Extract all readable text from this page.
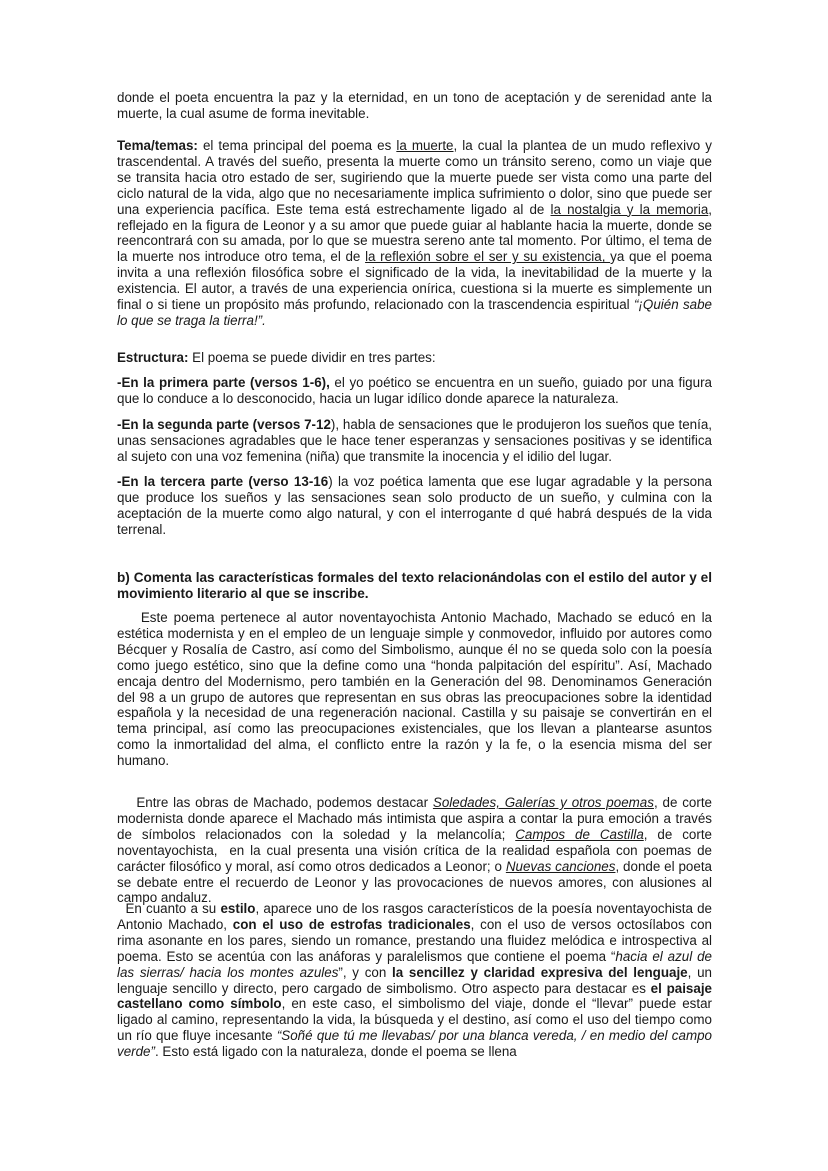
donde el poeta encuentra la paz y la eternidad, en un tono de aceptación y de serenidad ante la muerte, la cual asume de forma inevitable.

Tema/temas: el tema principal del poema es la muerte, la cual la plantea de un mudo reflexivo y trascendental. A través del sueño, presenta la muerte como un tránsito sereno, como un viaje que se transita hacia otro estado de ser, sugiriendo que la muerte puede ser vista como una parte del ciclo natural de la vida, algo que no necesariamente implica sufrimiento o dolor, sino que puede ser una experiencia pacífica. Este tema está estrechamente ligado al de la nostalgia y la memoria, reflejado en la figura de Leonor y a su amor que puede guiar al hablante hacia la muerte, donde se reencontrará con su amada, por lo que se muestra sereno ante tal momento. Por último, el tema de la muerte nos introduce otro tema, el de la reflexión sobre el ser y su existencia, ya que el poema invita a una reflexión filosófica sobre el significado de la vida, la inevitabilidad de la muerte y la existencia. El autor, a través de una experiencia onírica, cuestiona si la muerte es simplemente un final o si tiene un propósito más profundo, relacionado con la trascendencia espiritual “¡Quién sabe lo que se traga la tierra!”.

Estructura: El poema se puede dividir en tres partes:

-En la primera parte (versos 1-6), el yo poético se encuentra en un sueño, guiado por una figura que lo conduce a lo desconocido, hacia un lugar idílico donde aparece la naturaleza.

-En la segunda parte (versos 7-12), habla de sensaciones que le produjeron los sueños que tenía, unas sensaciones agradables que le hace tener esperanzas y sensaciones positivas y se identifica al sujeto con una voz femenina (niña) que transmite la inocencia y el idilio del lugar.

-En la tercera parte (verso 13-16) la voz poética lamenta que ese lugar agradable y la persona que produce los sueños y las sensaciones sean solo producto de un sueño, y culmina con la aceptación de la muerte como algo natural, y con el interrogante d qué habrá después de la vida terrenal.

b) Comenta las características formales del texto relacionándolas con el estilo del autor y el movimiento literario al que se inscribe.

Este poema pertenece al autor noventayochista Antonio Machado, Machado se educó en la estética modernista y en el empleo de un lenguaje simple y conmovedor, influido por autores como Bécquer y Rosalía de Castro, así como del Simbolismo, aunque él no se queda solo con la poesía como juego estético, sino que la define como una “honda palpitación del espíritu”. Así, Machado encaja dentro del Modernismo, pero también en la Generación del 98. Denominamos Generación del 98 a un grupo de autores que representan en sus obras las preocupaciones sobre la identidad española y la necesidad de una regeneración nacional. Castilla y su paisaje se convertirán en el tema principal, así como las preocupaciones existenciales, que los llevan a plantearse asuntos como la inmortalidad del alma, el conflicto entre la razón y la fe, o la esencia misma del ser humano.

Entre las obras de Machado, podemos destacar Soledades, Galerías y otros poemas, de corte modernista donde aparece el Machado más intimista que aspira a contar la pura emoción a través de símbolos relacionados con la soledad y la melancolía; Campos de Castilla, de corte noventayochista,  en la cual presenta una visión crítica de la realidad española con poemas de carácter filosófico y moral, así como otros dedicados a Leonor; o Nuevas canciones, donde el poeta se debate entre el recuerdo de Leonor y las provocaciones de nuevos amores, con alusiones al campo andaluz.

En cuanto a su estilo, aparece uno de los rasgos característicos de la poesía noventayochista de Antonio Machado, con el uso de estrofas tradicionales, con el uso de versos octosílabos con rima asonante en los pares, siendo un romance, prestando una fluidez melódica e introspectiva al poema. Esto se acentúa con las anáforas y paralelismos que contiene el poema “hacia el azul de las sierras/ hacia los montes azules”, y con la sencillez y claridad expresiva del lenguaje, un lenguaje sencillo y directo, pero cargado de simbolismo. Otro aspecto para destacar es el paisaje castellano como símbolo, en este caso, el simbolismo del viaje, donde el “llevar” puede estar ligado al camino, representando la vida, la búsqueda y el destino, así como el uso del tiempo como un río que fluye incesante “Soñé que tú me llevabas/ por una blanca vereda, / en medio del campo verde”. Esto está ligado con la naturaleza, donde el poema se llena
